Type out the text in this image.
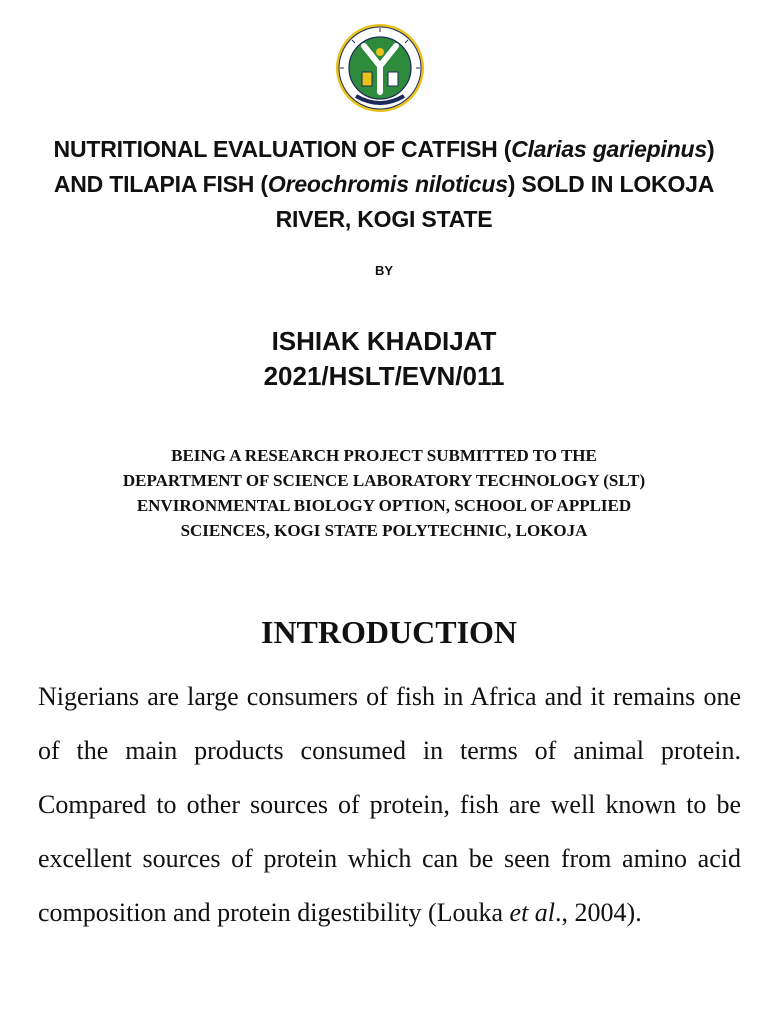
NUTRITIONAL EVALUATION OF CATFISH (Clarias gariepinus) AND TILAPIA FISH (Oreochromis niloticus) SOLD IN LOKOJA RIVER, KOGI STATE
BY
ISHIAK KHADIJAT
2021/HSLT/EVN/011
BEING A RESEARCH PROJECT SUBMITTED TO THE
DEPARTMENT OF SCIENCE LABORATORY TECHNOLOGY (SLT)
ENVIRONMENTAL BIOLOGY OPTION, SCHOOL OF APPLIED
SCIENCES, KOGI STATE POLYTECHNIC, LOKOJA
INTRODUCTION
Nigerians are large consumers of fish in Africa and it remains one of the main products consumed in terms of animal protein. Compared to other sources of protein, fish are well known to be excellent sources of protein which can be seen from amino acid composition and protein digestibility (Louka et al., 2004).
